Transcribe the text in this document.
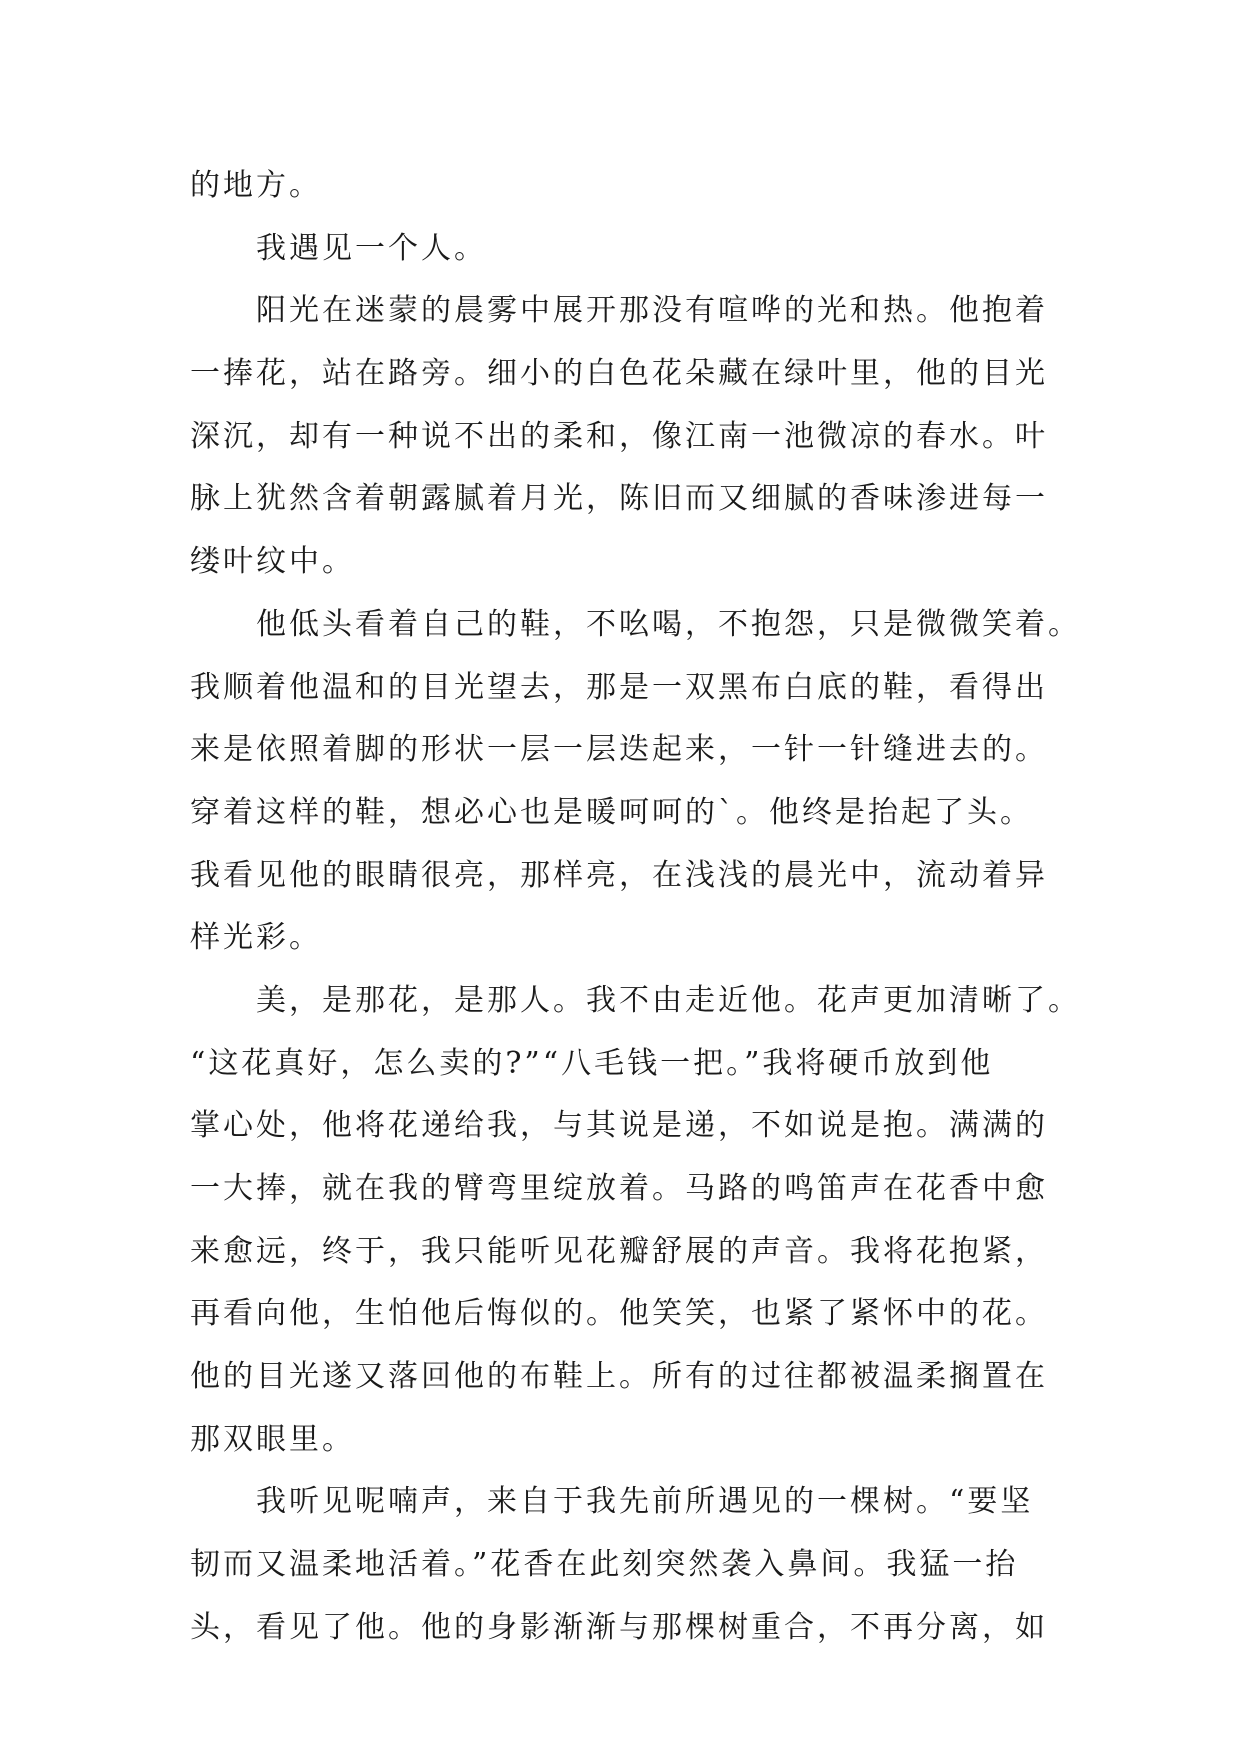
的地方。
我遇见一个人。
阳光在迷蒙的晨雾中展开那没有喧哗的光和热。他抱着
一捧花，站在路旁。细小的白色花朵藏在绿叶里，他的目光
深沉，却有一种说不出的柔和，像江南一池微凉的春水。叶
脉上犹然含着朝露腻着月光，陈旧而又细腻的香味渗进每一
缕叶纹中。
他低头看着自己的鞋，不吆喝，不抱怨，只是微微笑着。
我顺着他温和的目光望去，那是一双黑布白底的鞋，看得出
来是依照着脚的形状一层一层迭起来，一针一针缝进去的。
穿着这样的鞋，想必心也是暖呵呵的`。他终是抬起了头。
我看见他的眼睛很亮，那样亮，在浅浅的晨光中，流动着异
样光彩。
美，是那花，是那人。我不由走近他。花声更加清晰了。
“这花真好，怎么卖的?”“八毛钱一把。”我将硬币放到他
掌心处，他将花递给我，与其说是递，不如说是抱。满满的
一大捧，就在我的臂弯里绽放着。马路的鸣笛声在花香中愈
来愈远，终于，我只能听见花瓣舒展的声音。我将花抱紧，
再看向他，生怕他后悔似的。他笑笑，也紧了紧怀中的花。
他的目光遂又落回他的布鞋上。所有的过往都被温柔搁置在
那双眼里。
我听见呢喃声，来自于我先前所遇见的一棵树。“要坚
韧而又温柔地活着。”花香在此刻突然袭入鼻间。我猛一抬
头，看见了他。他的身影渐渐与那棵树重合，不再分离，如
